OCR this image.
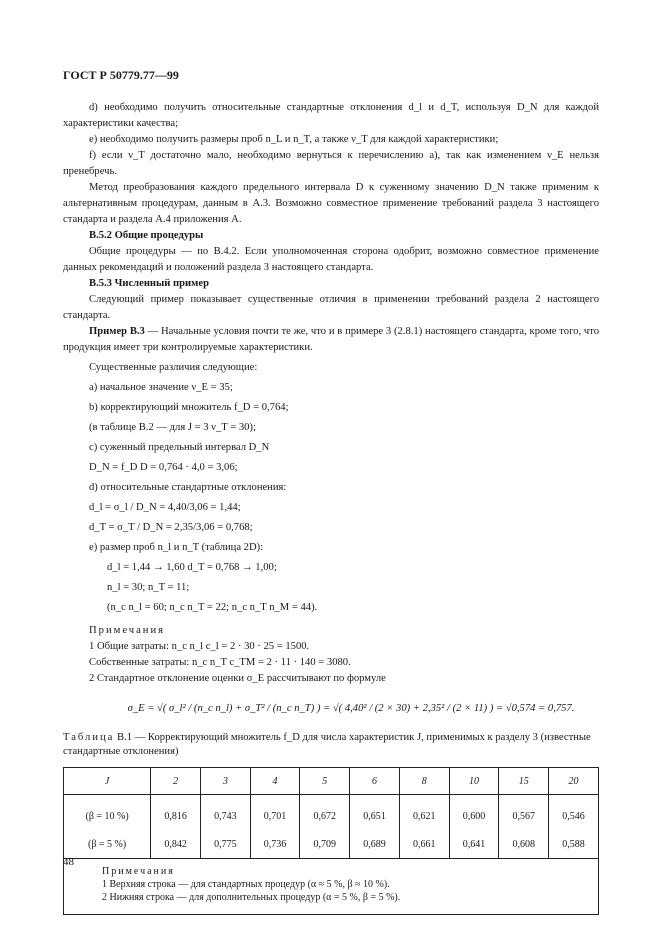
ГОСТ Р 50779.77—99

d) необходимо получить относительные стандартные отклонения d_l и d_T, используя D_N для каждой характеристики качества;

е) необходимо получить размеры проб n_L и n_T, а также ν_T для каждой характеристики;

f) если ν_T достаточно мало, необходимо вернуться к перечислению а), так как изменением ν_E нельзя пренебречь.

Метод преобразования каждого предельного интервала D к суженному значению D_N также применим к альтернативным процедурам, данным в А.3. Возможно совместное применение требований раздела 3 настоящего стандарта и раздела А.4 приложения А.

В.5.2 Общие процедуры

Общие процедуры — по В.4.2. Если уполномоченная сторона одобрит, возможно совместное применение данных рекомендаций и положений раздела 3 настоящего стандарта.

В.5.3 Численный пример

Следующий пример показывает существенные отличия в применении требований раздела 2 настоящего стандарта.

Пример В.3 — Начальные условия почти те же, что и в примере 3 (2.8.1) настоящего стандарта, кроме того, что продукция имеет три контролируемые характеристики.

Существенные различия следующие:

а) начальное значение ν_E = 35;

b) корректирующий множитель f_D = 0,764;

(в таблице В.2 — для J = 3 ν_T = 30);

с) суженный предельный интервал D_N

D_N = f_D D = 0,764 · 4,0 = 3,06;

d) относительные стандартные отклонения:

d_l = σ_l / D_N = 4,40/3,06 = 1,44;

d_T = σ_T / D_N = 2,35/3,06 = 0,768;

е) размер проб n_l и n_T (таблица 2D):

d_l = 1,44 → 1,60 d_T = 0,768 → 1,00;

n_l = 30; n_T = 11;

(n_c n_l = 60; n_c n_T = 22; n_c n_T n_M = 44).

Примечания

1 Общие затраты: n_c n_l c_l = 2 · 30 · 25 = 1500.

Собственные затраты: n_c n_T c_TM = 2 · 11 · 140 = 3080.

2 Стандартное отклонение оценки σ_E рассчитывают по формуле

σ_E = √( σ_l² / (n_c n_l) + σ_T² / (n_c n_T) ) = √( 4,40² / (2 × 30) + 2,35² / (2 × 11) ) = √0,574 = 0,757.

Таблица В.1 — Корректирующий множитель f_D для числа характеристик J, применимых к разделу 3 (известные стандартные отклонения)

J	2	3	4	5	6	8	10	15	20
(β = 10 %)	0,816	0,743	0,701	0,672	0,651	0,621	0,600	0,567	0,546
(β = 5 %)	0,842	0,775	0,736	0,709	0,689	0,661	0,641	0,608	0,588

Примечания
1 Верхняя строка — для стандартных процедур (α ≈ 5 %, β ≈ 10 %).
2 Нижняя строка — для дополнительных процедур (α = 5 %, β = 5 %).									
48
